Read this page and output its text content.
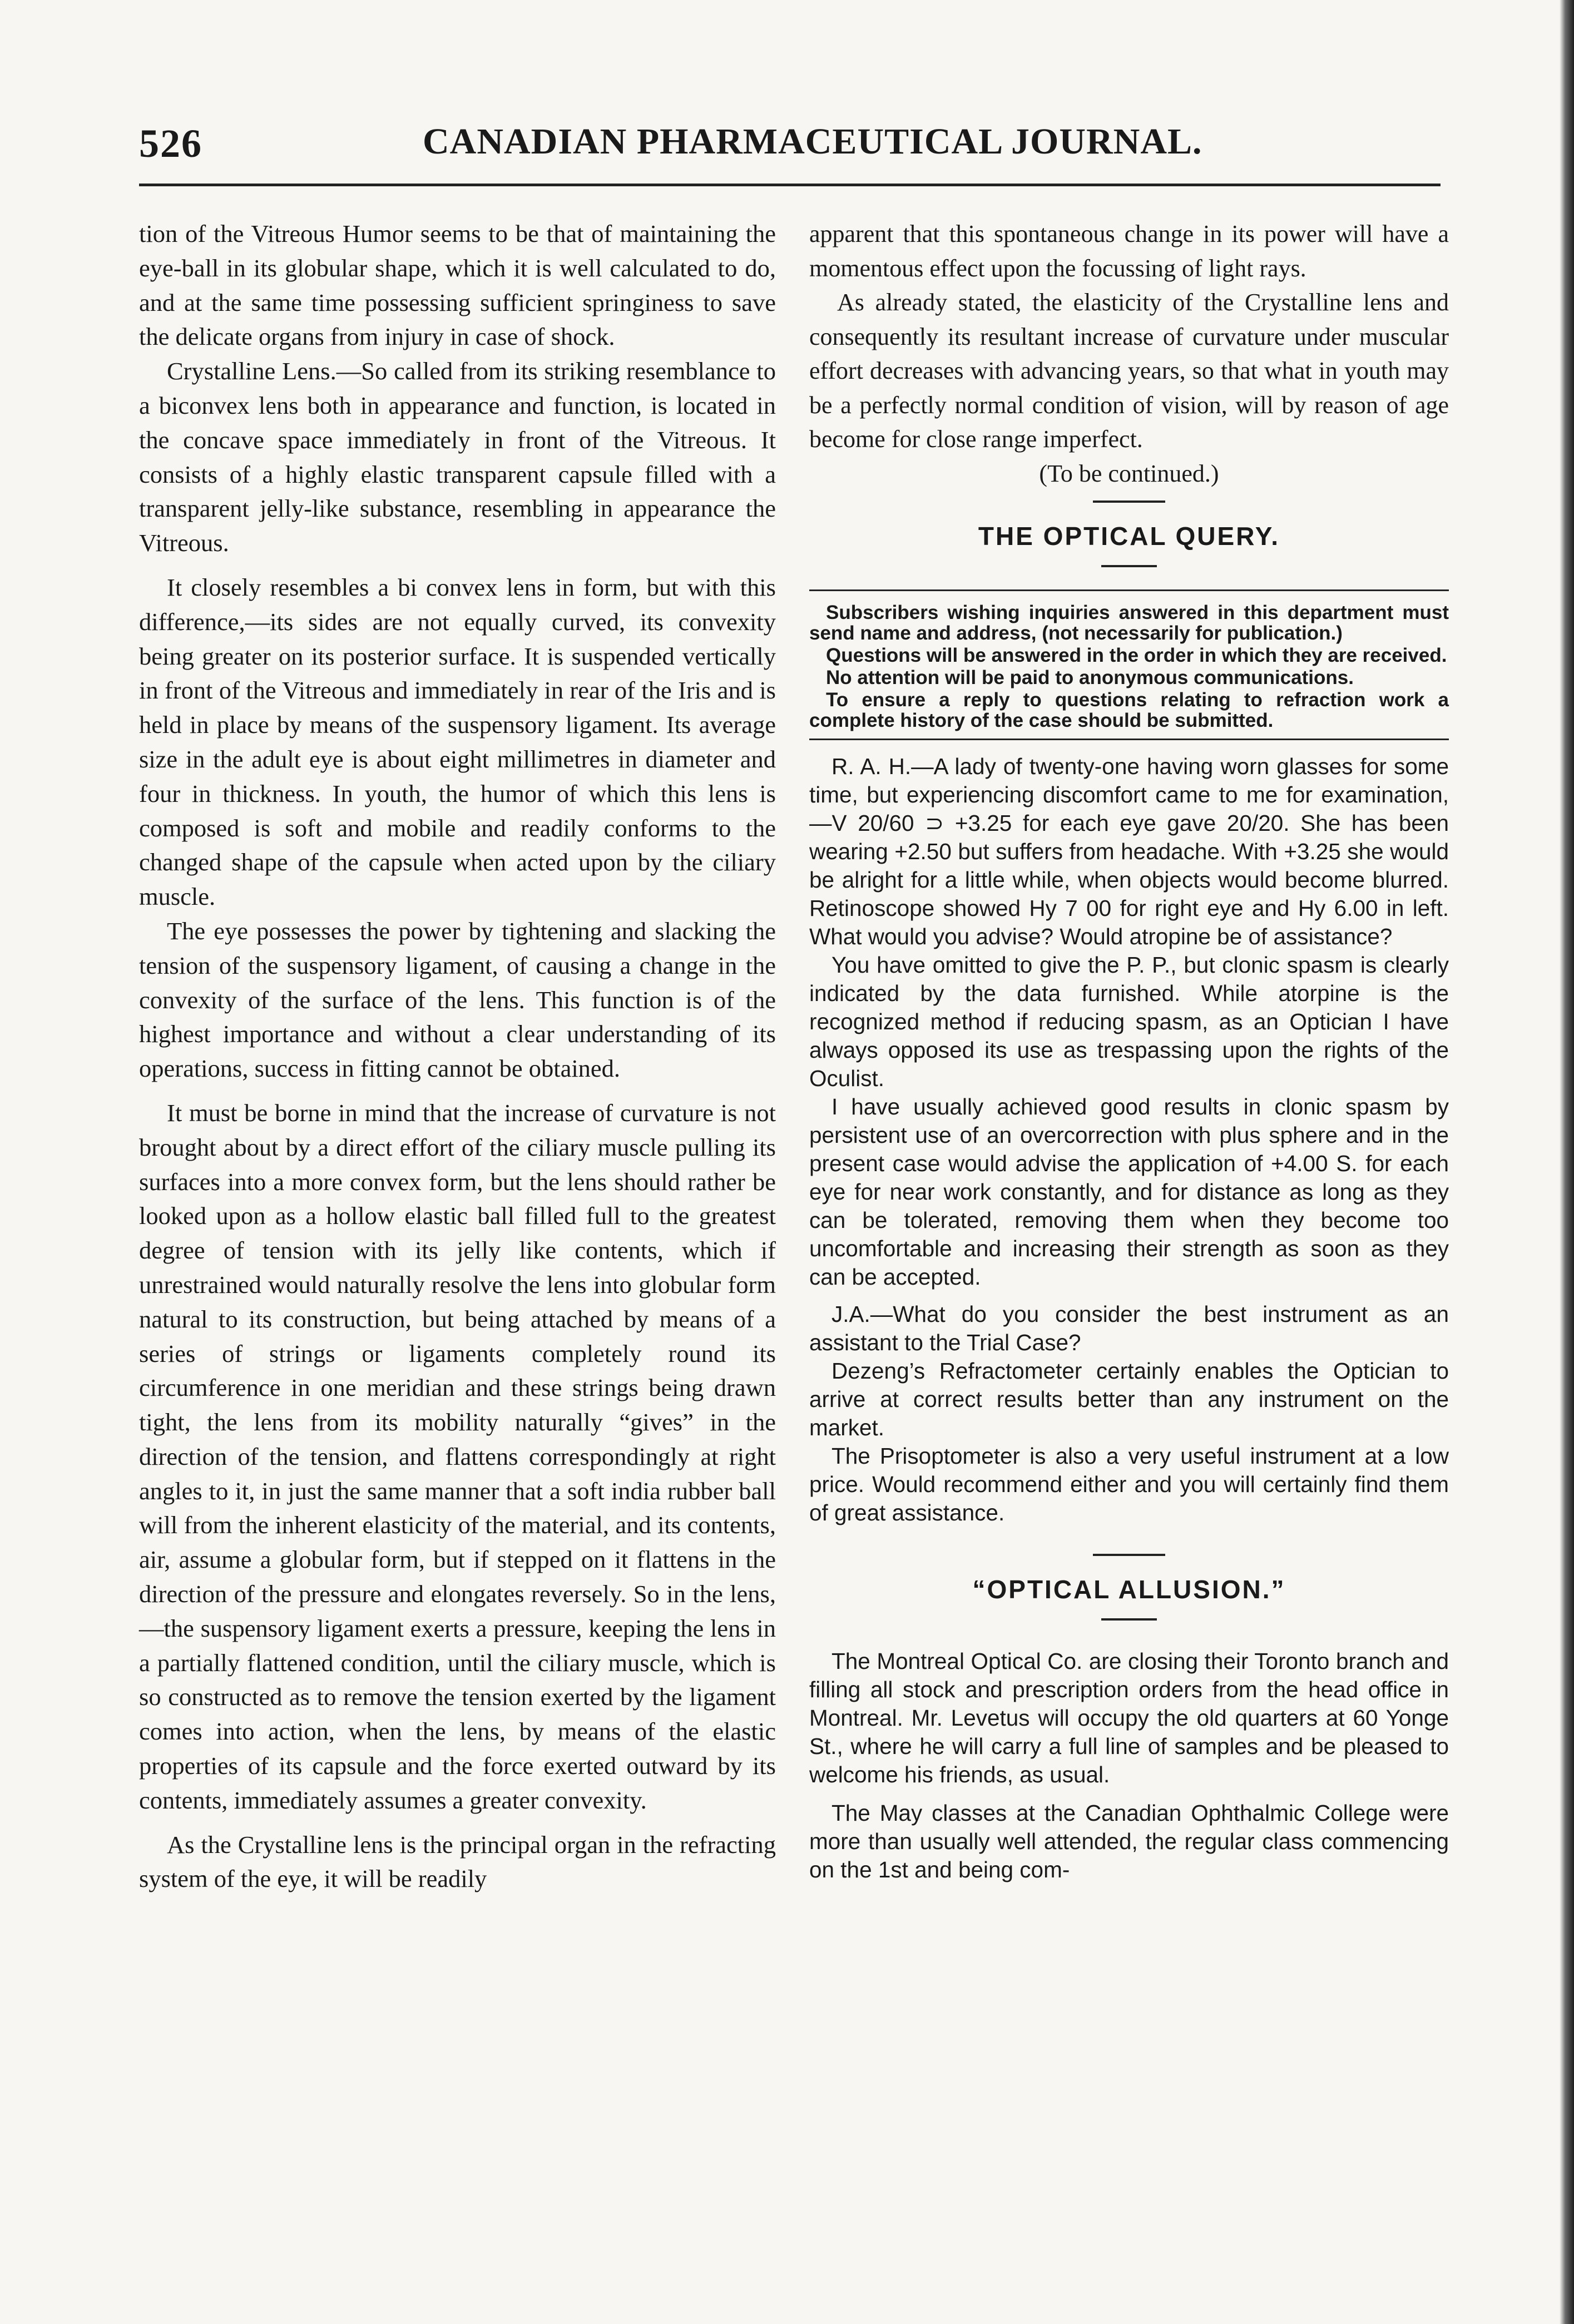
526	CANADIAN PHARMACEUTICAL JOURNAL.

tion of the Vitreous Humor seems to be that of maintaining the eye-ball in its globular shape, which it is well calculated to do, and at the same time possessing sufficient springiness to save the delicate organs from injury in case of shock.

Crystalline Lens.—So called from its striking resemblance to a biconvex lens both in appearance and function, is located in the concave space immediately in front of the Vitreous. It consists of a highly elastic transparent capsule filled with a transparent jelly-like substance, resembling in appearance the Vitreous.

It closely resembles a bi convex lens in form, but with this difference,—its sides are not equally curved, its convexity being greater on its posterior surface. It is suspended vertically in front of the Vitreous and immediately in rear of the Iris and is held in place by means of the suspensory ligament. Its average size in the adult eye is about eight millimetres in diameter and four in thickness. In youth, the humor of which this lens is composed is soft and mobile and readily conforms to the changed shape of the capsule when acted upon by the ciliary muscle.

The eye possesses the power by tightening and slacking the tension of the suspensory ligament, of causing a change in the convexity of the surface of the lens. This function is of the highest importance and without a clear understanding of its operations, success in fitting cannot be obtained.

It must be borne in mind that the increase of curvature is not brought about by a direct effort of the ciliary muscle pulling its surfaces into a more convex form, but the lens should rather be looked upon as a hollow elastic ball filled full to the greatest degree of tension with its jelly like contents, which if unrestrained would naturally resolve the lens into globular form natural to its construction, but being attached by means of a series of strings or ligaments completely round its circumference in one meridian and these strings being drawn tight, the lens from its mobility naturally “gives” in the direction of the tension, and flattens correspondingly at right angles to it, in just the same manner that a soft india rubber ball will from the inherent elasticity of the material, and its contents, air, assume a globular form, but if stepped on it flattens in the direction of the pressure and elongates reversely. So in the lens,—the suspensory ligament exerts a pressure, keeping the lens in a partially flattened condition, until the ciliary muscle, which is so constructed as to remove the tension exerted by the ligament comes into action, when the lens, by means of the elastic properties of its capsule and the force exerted outward by its contents, immediately assumes a greater convexity.

As the Crystalline lens is the principal organ in the refracting system of the eye, it will be readily

apparent that this spontaneous change in its power will have a momentous effect upon the focussing of light rays.

As already stated, the elasticity of the Crystalline lens and consequently its resultant increase of curvature under muscular effort decreases with advancing years, so that what in youth may be a perfectly normal condition of vision, will by reason of age become for close range imperfect.

(To be continued.)

THE OPTICAL QUERY.

Subscribers wishing inquiries answered in this department must send name and address, (not necessarily for publication.)

Questions will be answered in the order in which they are received.

No attention will be paid to anonymous communications.

To ensure a reply to questions relating to refraction work a complete history of the case should be submitted.

R. A. H.—A lady of twenty-one having worn glasses for some time, but experiencing discomfort came to me for examination,—V 20/60 ⊃ +3.25 for each eye gave 20/20. She has been wearing +2.50 but suffers from headache. With +3.25 she would be alright for a little while, when objects would become blurred. Retinoscope showed Hy 7 00 for right eye and Hy 6.00 in left. What would you advise? Would atropine be of assistance?

You have omitted to give the P. P., but clonic spasm is clearly indicated by the data furnished. While atorpine is the recognized method if reducing spasm, as an Optician I have always opposed its use as trespassing upon the rights of the Oculist.

I have usually achieved good results in clonic spasm by persistent use of an overcorrection with plus sphere and in the present case would advise the application of +4.00 S. for each eye for near work constantly, and for distance as long as they can be tolerated, removing them when they become too uncomfortable and increasing their strength as soon as they can be accepted.

J.A.—What do you consider the best instrument as an assistant to the Trial Case?

Dezeng’s Refractometer certainly enables the Optician to arrive at correct results better than any instrument on the market.

The Prisoptometer is also a very useful instrument at a low price. Would recommend either and you will certainly find them of great assistance.

“OPTICAL ALLUSION.”

The Montreal Optical Co. are closing their Toronto branch and filling all stock and prescription orders from the head office in Montreal. Mr. Levetus will occupy the old quarters at 60 Yonge St., where he will carry a full line of samples and be pleased to welcome his friends, as usual.

The May classes at the Canadian Ophthalmic College were more than usually well attended, the regular class commencing on the 1st and being com-
